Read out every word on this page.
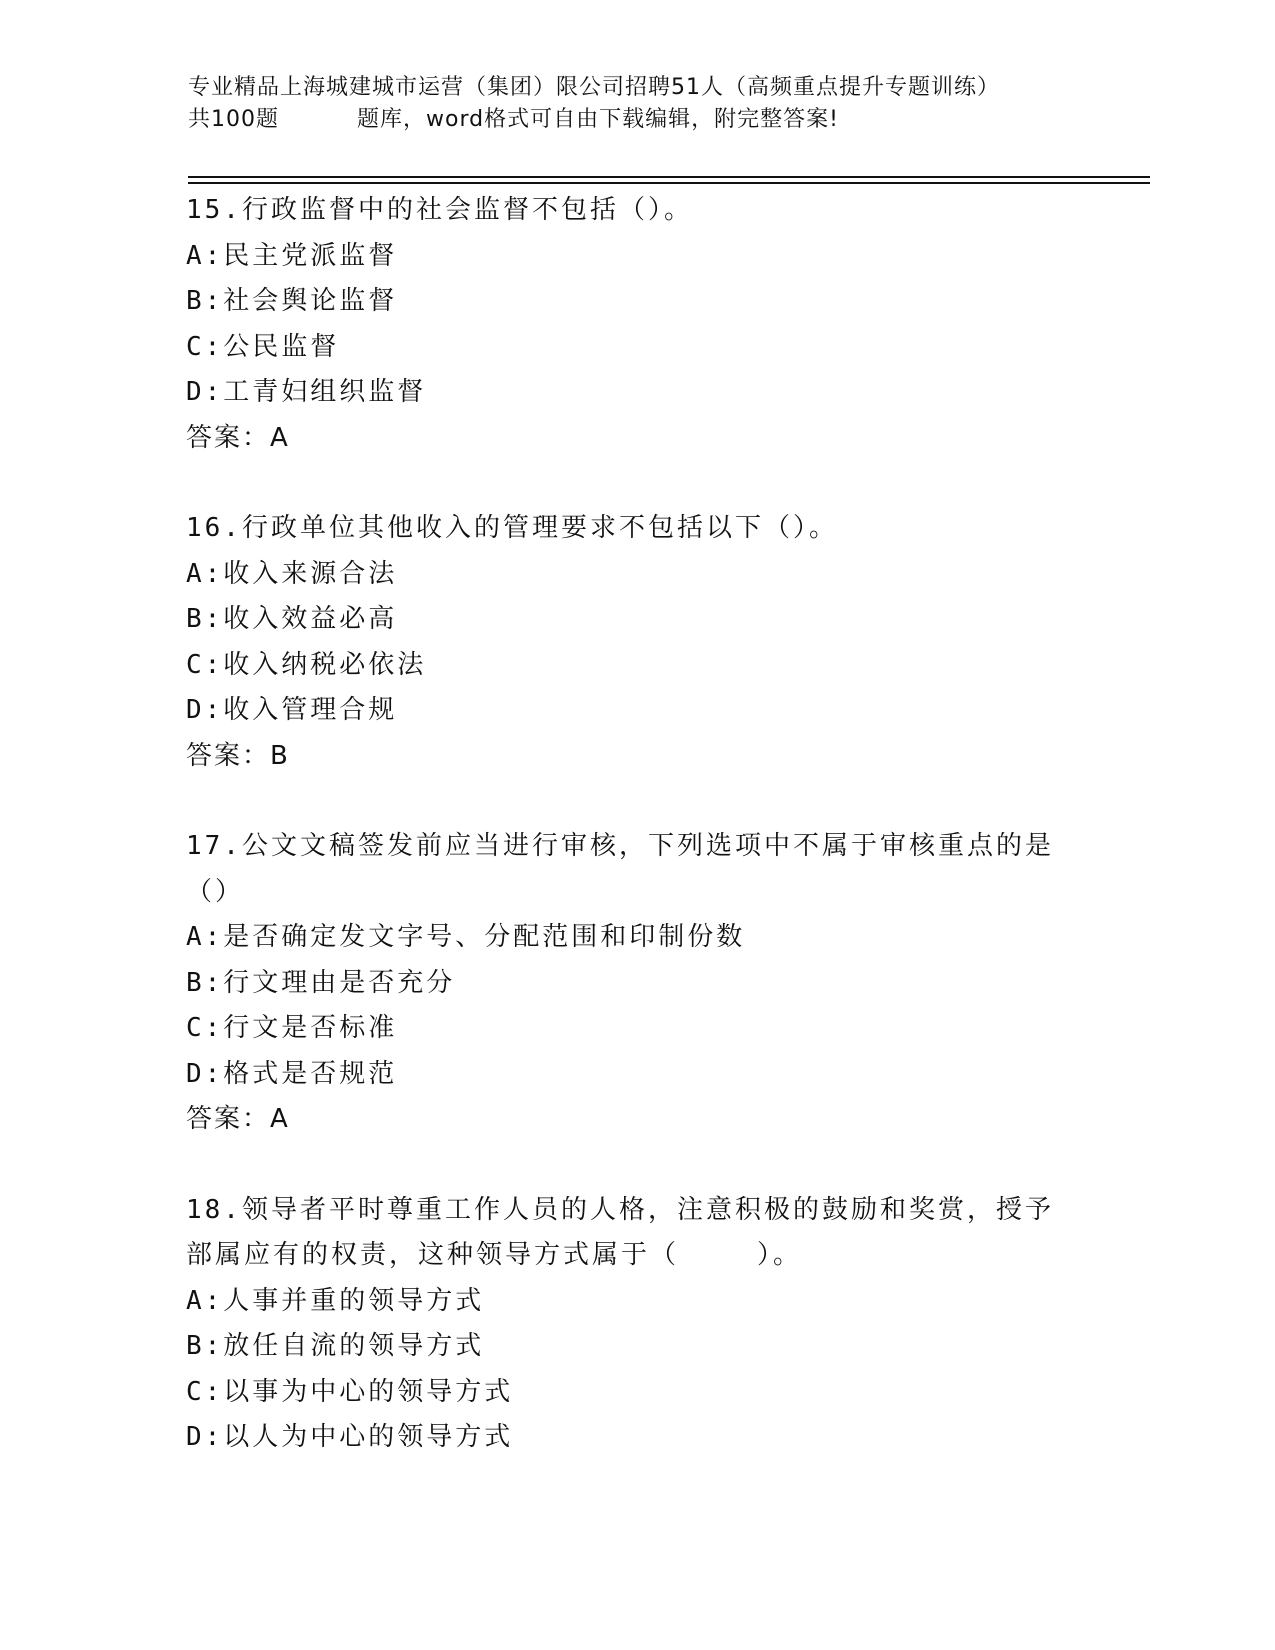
专业精品上海城建城市运营（集团）限公司招聘51人（高频重点提升专题训练）
共100题	题库，word格式可自由下载编辑，附完整答案!
15.行政监督中的社会监督不包括（）。
A:民主党派监督
B:社会舆论监督
C:公民监督
D:工青妇组织监督
答案：A
16.行政单位其他收入的管理要求不包括以下（）。
A:收入来源合法
B:收入效益必高
C:收入纳税必依法
D:收入管理合规
答案：B
17.公文文稿签发前应当进行审核，下列选项中不属于审核重点的是（）
A:是否确定发文字号、分配范围和印制份数
B:行文理由是否充分
C:行文是否标准
D:格式是否规范
答案：A
18.领导者平时尊重工作人员的人格，注意积极的鼓励和奖赏，授予部属应有的权责，这种领导方式属于（	）。
A:人事并重的领导方式
B:放任自流的领导方式
C:以事为中心的领导方式
D:以人为中心的领导方式
